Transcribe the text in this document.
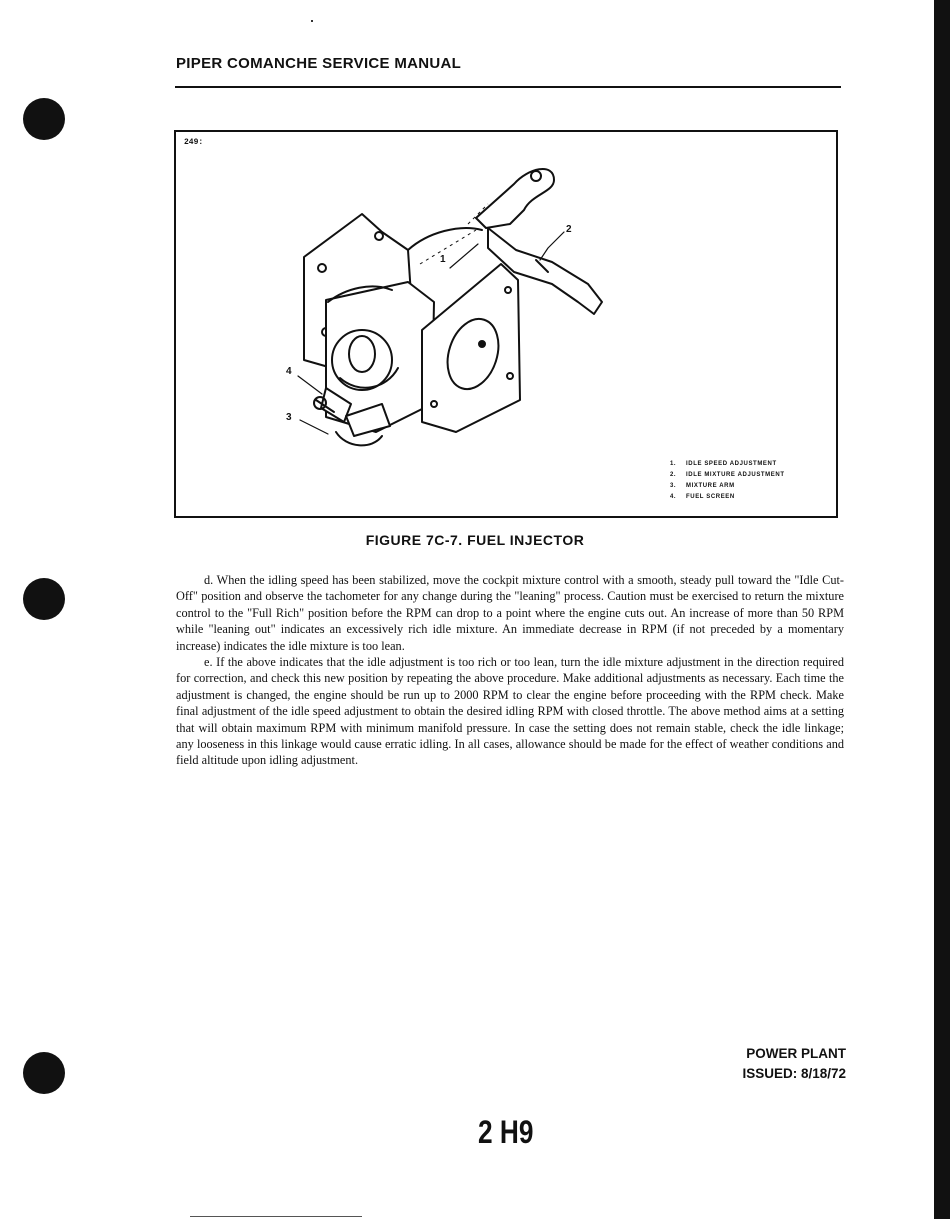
PIPER COMANCHE SERVICE MANUAL
249:
1
2
3
4
1. IDLE SPEED ADJUSTMENT
2. IDLE MIXTURE ADJUSTMENT
3. MIXTURE ARM
4. FUEL SCREEN
FIGURE 7C-7. FUEL INJECTOR

d. When the idling speed has been stabilized, move the cockpit mixture control with a smooth, steady pull toward the "Idle Cut-Off" position and observe the tachometer for any change during the "leaning" process. Caution must be exercised to return the mixture control to the "Full Rich" position before the RPM can drop to a point where the engine cuts out. An increase of more than 50 RPM while "leaning out" indicates an excessively rich idle mixture. An immediate decrease in RPM (if not preceded by a momentary increase) indicates the idle mixture is too lean.

e. If the above indicates that the idle adjustment is too rich or too lean, turn the idle mixture adjustment in the direction required for correction, and check this new position by repeating the above procedure. Make additional adjustments as necessary. Each time the adjustment is changed, the engine should be run up to 2000 RPM to clear the engine before proceeding with the RPM check. Make final adjustment of the idle speed adjustment to obtain the desired idling RPM with closed throttle. The above method aims at a setting that will obtain maximum RPM with minimum manifold pressure. In case the setting does not remain stable, check the idle linkage; any looseness in this linkage would cause erratic idling. In all cases, allowance should be made for the effect of weather conditions and field altitude upon idling adjustment.

POWER PLANT
ISSUED: 8/18/72
2 H9
